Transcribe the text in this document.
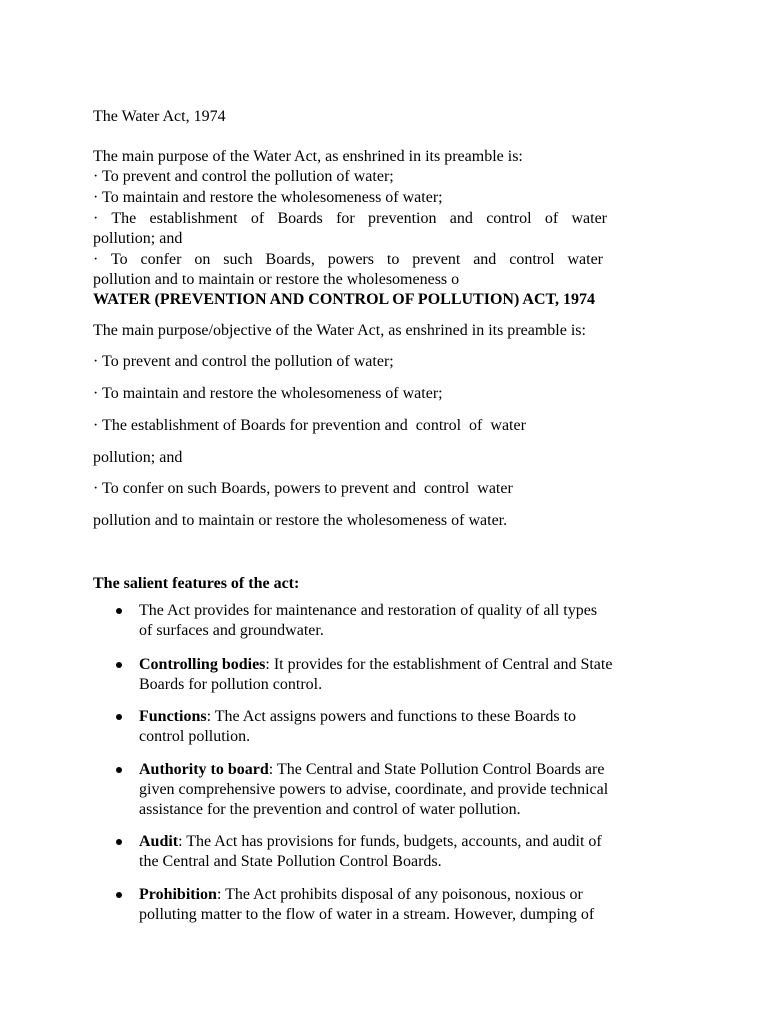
The Water Act, 1974
The main purpose of the Water Act, as enshrined in its preamble is:
· To prevent and control the pollution of water;
· To maintain and restore the wholesomeness of water;
· The establishment of Boards for prevention and control of water
pollution; and
· To confer on such Boards, powers to prevent and control water
pollution and to maintain or restore the wholesomeness o
WATER (PREVENTION AND CONTROL OF POLLUTION) ACT, 1974
The main purpose/objective of the Water Act, as enshrined in its preamble is:
· To prevent and control the pollution of water;
· To maintain and restore the wholesomeness of water;
· The establishment of Boards for prevention and  control  of  water
pollution; and
· To confer on such Boards, powers to prevent and  control  water
pollution and to maintain or restore the wholesomeness of water.
The salient features of the act:
The Act provides for maintenance and restoration of quality of all types
of surfaces and groundwater.
Controlling bodies: It provides for the establishment of Central and State
Boards for pollution control.
Functions: The Act assigns powers and functions to these Boards to
control pollution.
Authority to board: The Central and State Pollution Control Boards are
given comprehensive powers to advise, coordinate, and provide technical
assistance for the prevention and control of water pollution.
Audit: The Act has provisions for funds, budgets, accounts, and audit of
the Central and State Pollution Control Boards.
Prohibition: The Act prohibits disposal of any poisonous, noxious or
polluting matter to the flow of water in a stream. However, dumping of
